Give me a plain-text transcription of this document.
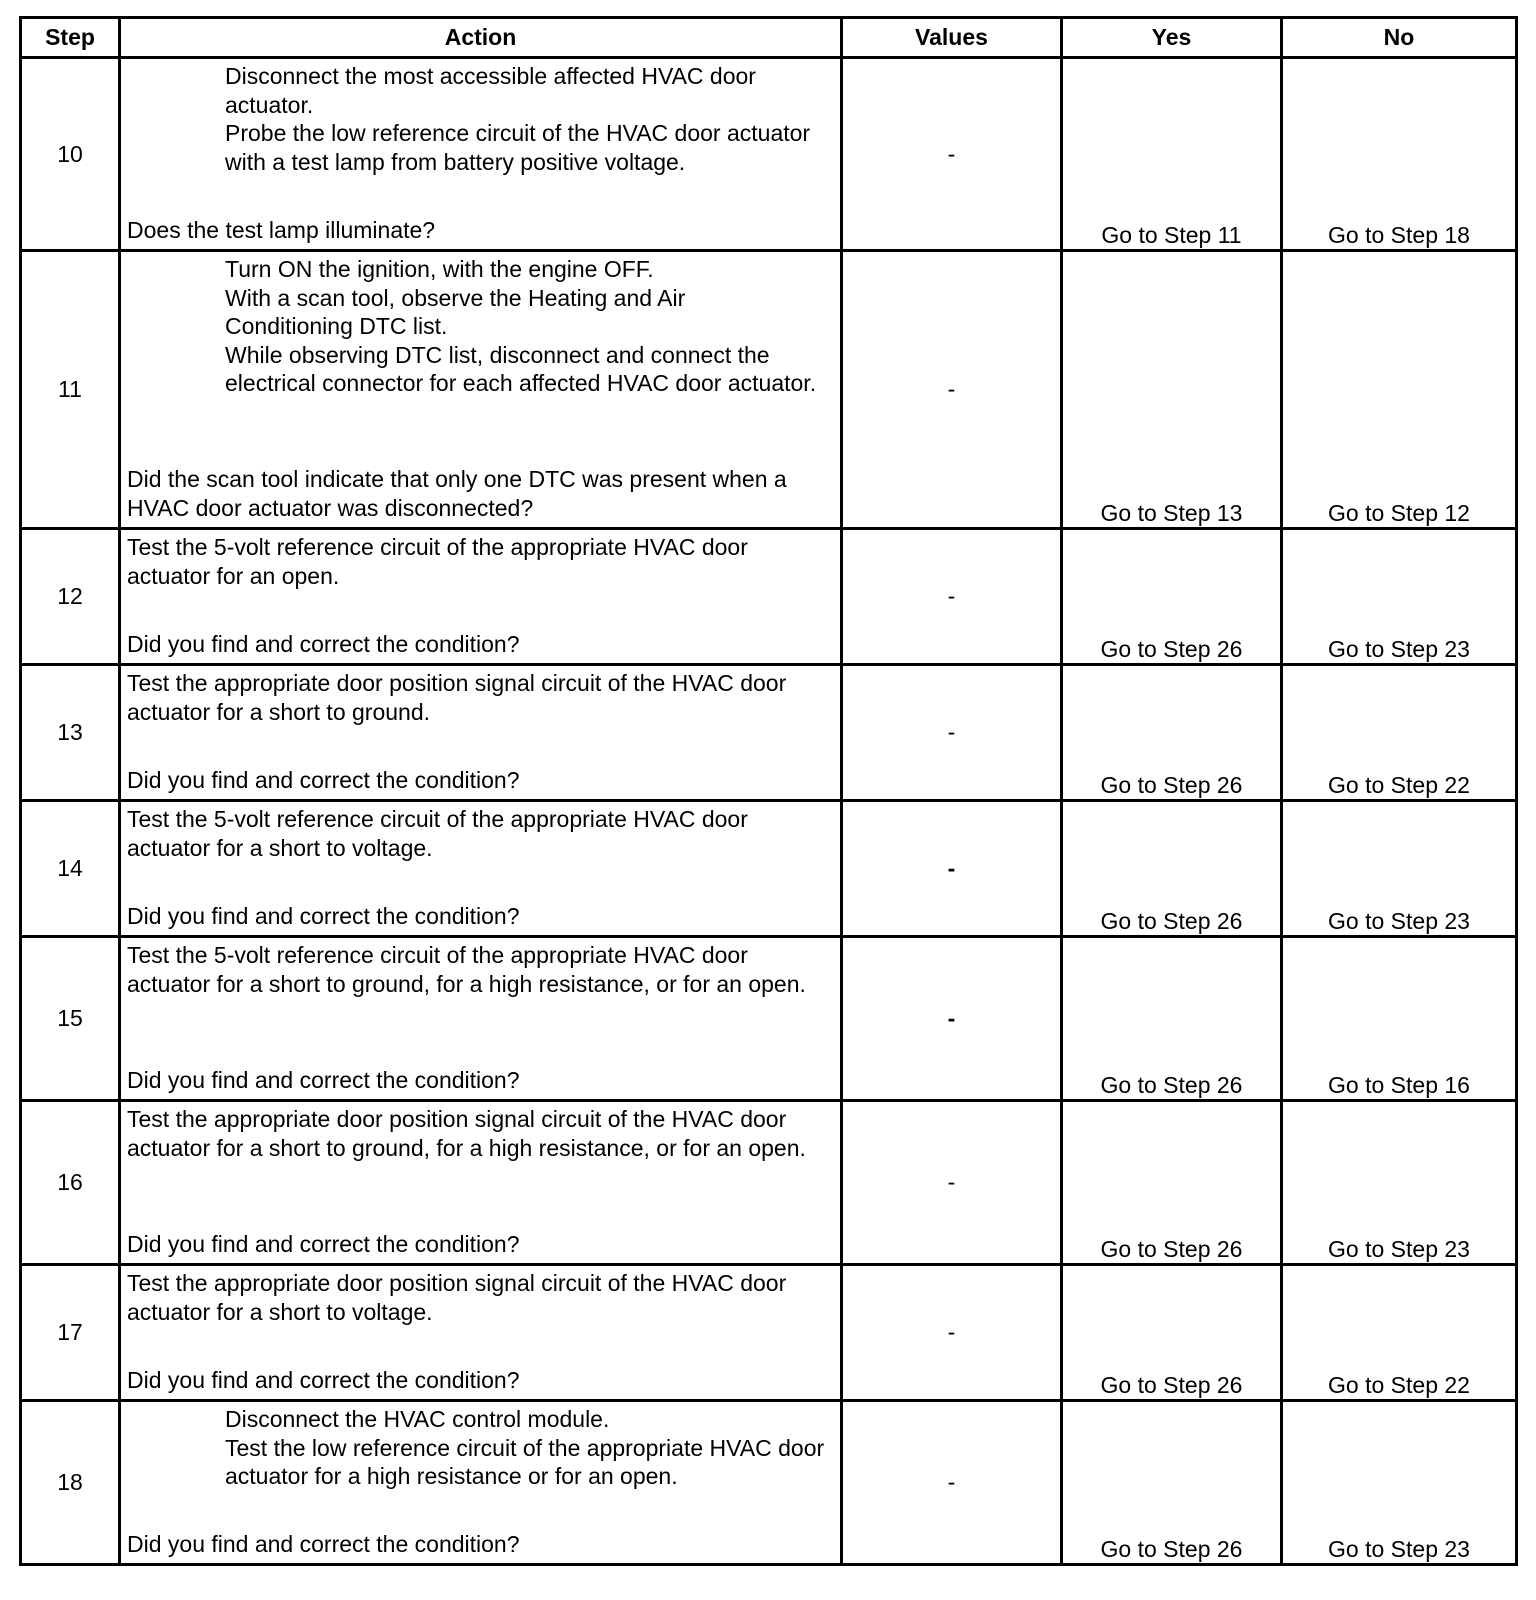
Step	Action	Values	Yes	No
10	Disconnect the most accessible affected HVAC door actuator.

Probe the low reference circuit of the HVAC door actuator with a test lamp from battery positive voltage.

Does the test lamp illuminate?	-	Go to Step 11	Go to Step 18
11	Turn ON the ignition, with the engine OFF.

With a scan tool, observe the Heating and Air Conditioning DTC list.

While observing DTC list, disconnect and connect the electrical connector for each affected HVAC door actuator.

Did the scan tool indicate that only one DTC was present when a HVAC door actuator was disconnected?	-	Go to Step 13	Go to Step 12
12	Test the 5-volt reference circuit of the appropriate HVAC door actuator for an open.

Did you find and correct the condition?	-	Go to Step 26	Go to Step 23
13	Test the appropriate door position signal circuit of the HVAC door actuator for a short to ground.

Did you find and correct the condition?	-	Go to Step 26	Go to Step 22
14	Test the 5-volt reference circuit of the appropriate HVAC door actuator for a short to voltage.

Did you find and correct the condition?	-	Go to Step 26	Go to Step 23
15	Test the 5-volt reference circuit of the appropriate HVAC door actuator for a short to ground, for a high resistance, or for an open.

Did you find and correct the condition?	-	Go to Step 26	Go to Step 16
16	Test the appropriate door position signal circuit of the HVAC door actuator for a short to ground, for a high resistance, or for an open.

Did you find and correct the condition?	-	Go to Step 26	Go to Step 23
17	Test the appropriate door position signal circuit of the HVAC door actuator for a short to voltage.

Did you find and correct the condition?	-	Go to Step 26	Go to Step 22
18	Disconnect the HVAC control module.

Test the low reference circuit of the appropriate HVAC door actuator for a high resistance or for an open.

Did you find and correct the condition?	-	Go to Step 26	Go to Step 23
